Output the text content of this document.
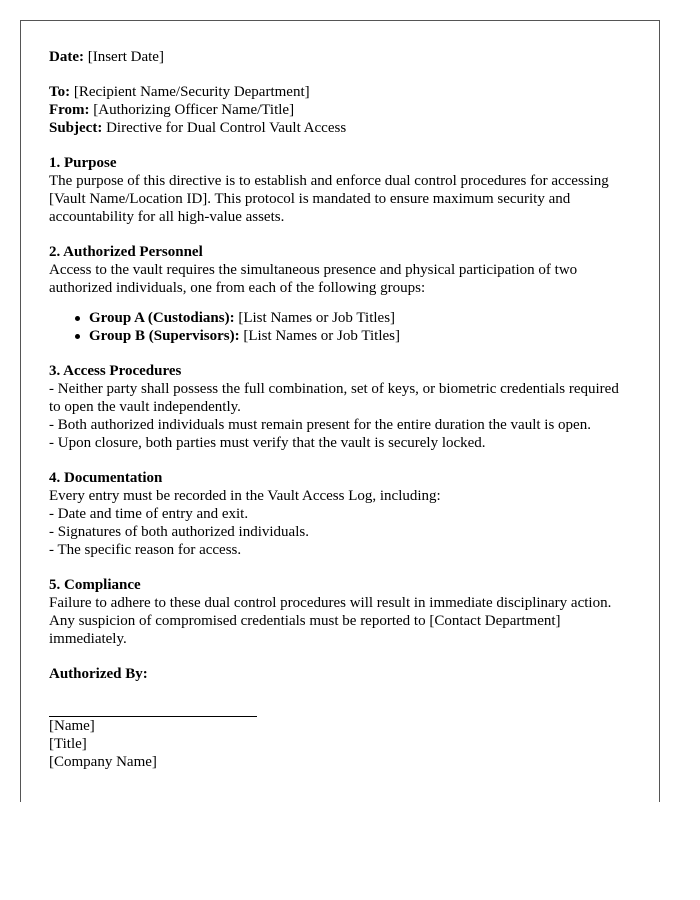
Date: [Insert Date]

To: [Recipient Name/Security Department]

From: [Authorizing Officer Name/Title]

Subject: Directive for Dual Control Vault Access

1. Purpose
The purpose of this directive is to establish and enforce dual control procedures for accessing [Vault Name/Location ID]. This protocol is mandated to ensure maximum security and accountability for all high-value assets.
2. Authorized Personnel
Access to the vault requires the simultaneous presence and physical participation of two authorized individuals, one from each of the following groups:
Group A (Custodians): [List Names or Job Titles]
Group B (Supervisors): [List Names or Job Titles]
3. Access Procedures
- Neither party shall possess the full combination, set of keys, or biometric credentials required to open the vault independently.
- Both authorized individuals must remain present for the entire duration the vault is open.
- Upon closure, both parties must verify that the vault is securely locked.
4. Documentation
Every entry must be recorded in the Vault Access Log, including:
- Date and time of entry and exit.
- Signatures of both authorized individuals.
- The specific reason for access.
5. Compliance
Failure to adhere to these dual control procedures will result in immediate disciplinary action. Any suspicion of compromised credentials must be reported to [Contact Department] immediately.
Authorized By:
[Name]
[Title]
[Company Name]
